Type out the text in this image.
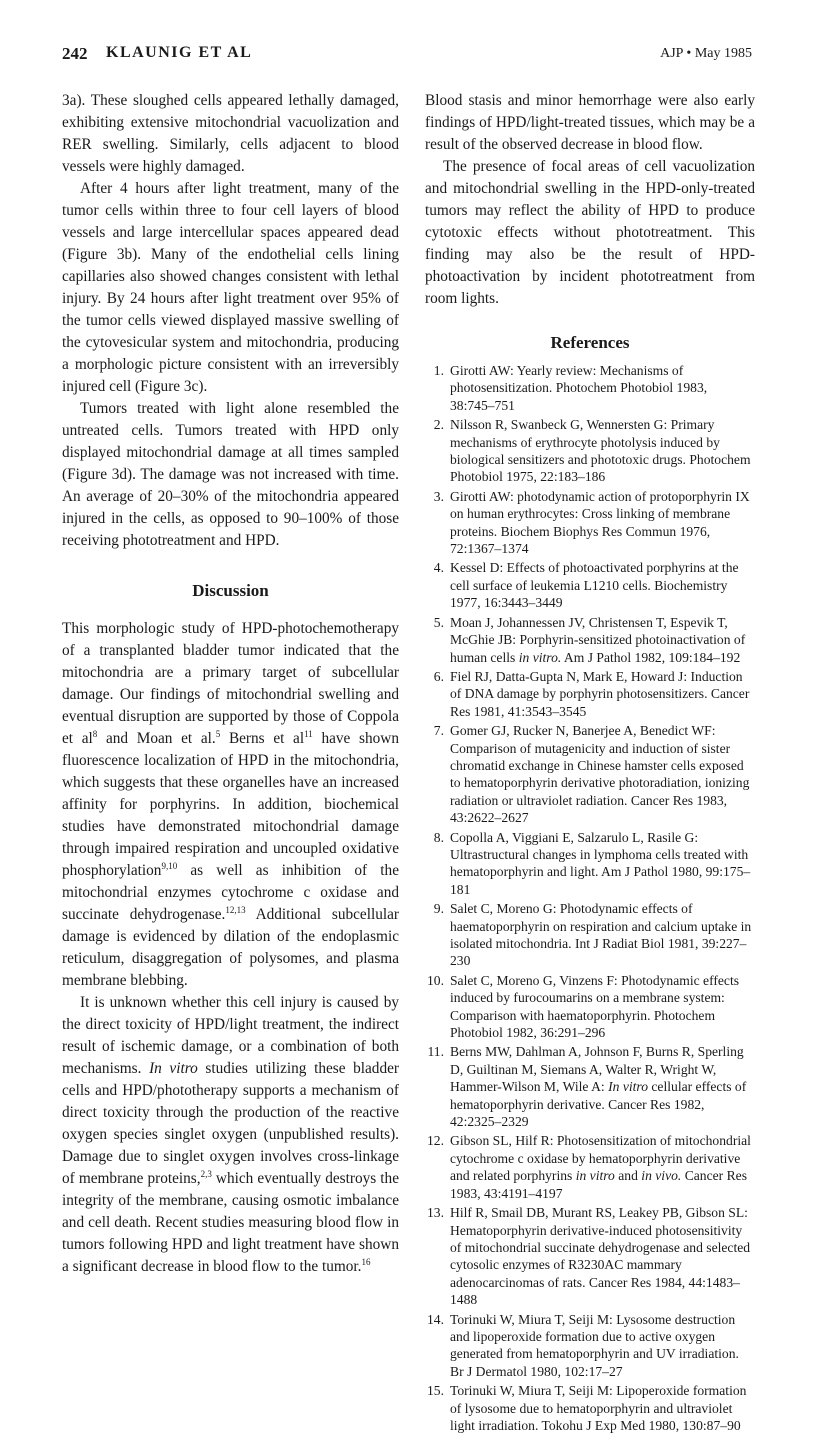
242 KLAUNIG ET AL	AJP • May 1985

3a). These sloughed cells appeared lethally damaged, exhibiting extensive mitochondrial vacuolization and RER swelling. Similarly, cells adjacent to blood vessels were highly damaged.

After 4 hours after light treatment, many of the tumor cells within three to four cell layers of blood vessels and large intercellular spaces appeared dead (Figure 3b). Many of the endothelial cells lining capillaries also showed changes consistent with lethal injury. By 24 hours after light treatment over 95% of the tumor cells viewed displayed massive swelling of the cytovesicular system and mitochondria, producing a morphologic picture consistent with an irreversibly injured cell (Figure 3c).

Tumors treated with light alone resembled the untreated cells. Tumors treated with HPD only displayed mitochondrial damage at all times sampled (Figure 3d). The damage was not increased with time. An average of 20–30% of the mitochondria appeared injured in the cells, as opposed to 90–100% of those receiving phototreatment and HPD.

Discussion

This morphologic study of HPD-photochemotherapy of a transplanted bladder tumor indicated that the mitochondria are a primary target of subcellular damage. Our findings of mitochondrial swelling and eventual disruption are supported by those of Coppola et $al^8$ and Moan et al.$^5$ Berns et $al^{11}$ have shown fluorescence localization of HPD in the mitochondria, which suggests that these organelles have an increased affinity for porphyrins. In addition, biochemical studies have demonstrated mitochondrial damage through impaired respiration and uncoupled oxidative phosphorylation$^{9,10}$ as well as inhibition of the mitochondrial enzymes cytochrome c oxidase and succinate dehydrogenase.$^{12,13}$ Additional subcellular damage is evidenced by dilation of the endoplasmic reticulum, disaggregation of polysomes, and plasma membrane blebbing.

It is unknown whether this cell injury is caused by the direct toxicity of HPD/light treatment, the indirect result of ischemic damage, or a combination of both mechanisms. In vitro studies utilizing these bladder cells and HPD/phototherapy supports a mechanism of direct toxicity through the production of the reactive oxygen species singlet oxygen (unpublished results). Damage due to singlet oxygen involves cross-linkage of membrane proteins,$^{2,3}$ which eventually destroys the integrity of the membrane, causing osmotic imbalance and cell death. Recent studies measuring blood flow in tumors following HPD and light treatment have shown a significant decrease in blood flow to the tumor.$^{16}$

Blood stasis and minor hemorrhage were also early findings of HPD/light-treated tissues, which may be a result of the observed decrease in blood flow.

The presence of focal areas of cell vacuolization and mitochondrial swelling in the HPD-only-treated tumors may reflect the ability of HPD to produce cytotoxic effects without phototreatment. This finding may also be the result of HPD-photoactivation by incident phototreatment from room lights.

References
1. Girotti AW: Yearly review: Mechanisms of photosensitization. Photochem Photobiol 1983, 38:745–751
2. Nilsson R, Swanbeck G, Wennersten G: Primary mechanisms of erythrocyte photolysis induced by biological sensitizers and phototoxic drugs. Photochem Photobiol 1975, 22:183–186
3. Girotti AW: photodynamic action of protoporphyrin IX on human erythrocytes: Cross linking of membrane proteins. Biochem Biophys Res Commun 1976, 72:1367–1374
4. Kessel D: Effects of photoactivated porphyrins at the cell surface of leukemia L1210 cells. Biochemistry 1977, 16:3443–3449
5. Moan J, Johannessen JV, Christensen T, Espevik T, McGhie JB: Porphyrin-sensitized photoinactivation of human cells in vitro. Am J Pathol 1982, 109:184–192
6. Fiel RJ, Datta-Gupta N, Mark E, Howard J: Induction of DNA damage by porphyrin photosensitizers. Cancer Res 1981, 41:3543–3545
7. Gomer GJ, Rucker N, Banerjee A, Benedict WF: Comparison of mutagenicity and induction of sister chromatid exchange in Chinese hamster cells exposed to hematoporphyrin derivative photoradiation, ionizing radiation or ultraviolet radiation. Cancer Res 1983, 43:2622–2627
8. Copolla A, Viggiani E, Salzarulo L, Rasile G: Ultrastructural changes in lymphoma cells treated with hematoporphyrin and light. Am J Pathol 1980, 99:175–181
9. Salet C, Moreno G: Photodynamic effects of haematoporphyrin on respiration and calcium uptake in isolated mitochondria. Int J Radiat Biol 1981, 39:227–230
10. Salet C, Moreno G, Vinzens F: Photodynamic effects induced by furocoumarins on a membrane system: Comparison with haematoporphyrin. Photochem Photobiol 1982, 36:291–296
11. Berns MW, Dahlman A, Johnson F, Burns R, Sperling D, Guiltinan M, Siemans A, Walter R, Wright W, Hammer-Wilson M, Wile A: In vitro cellular effects of hematoporphyrin derivative. Cancer Res 1982, 42:2325–2329
12. Gibson SL, Hilf R: Photosensitization of mitochondrial cytochrome c oxidase by hematoporphyrin derivative and related porphyrins in vitro and in vivo. Cancer Res 1983, 43:4191–4197
13. Hilf R, Smail DB, Murant RS, Leakey PB, Gibson SL: Hematoporphyrin derivative-induced photosensitivity of mitochondrial succinate dehydrogenase and selected cytosolic enzymes of R3230AC mammary adenocarcinomas of rats. Cancer Res 1984, 44:1483–1488
14. Torinuki W, Miura T, Seiji M: Lysosome destruction and lipoperoxide formation due to active oxygen generated from hematoporphyrin and UV irradiation. Br J Dermatol 1980, 102:17–27
15. Torinuki W, Miura T, Seiji M: Lipoperoxide formation of lysosome due to hematoporphyrin and ultraviolet light irradiation. Tokohu J Exp Med 1980, 130:87–90
